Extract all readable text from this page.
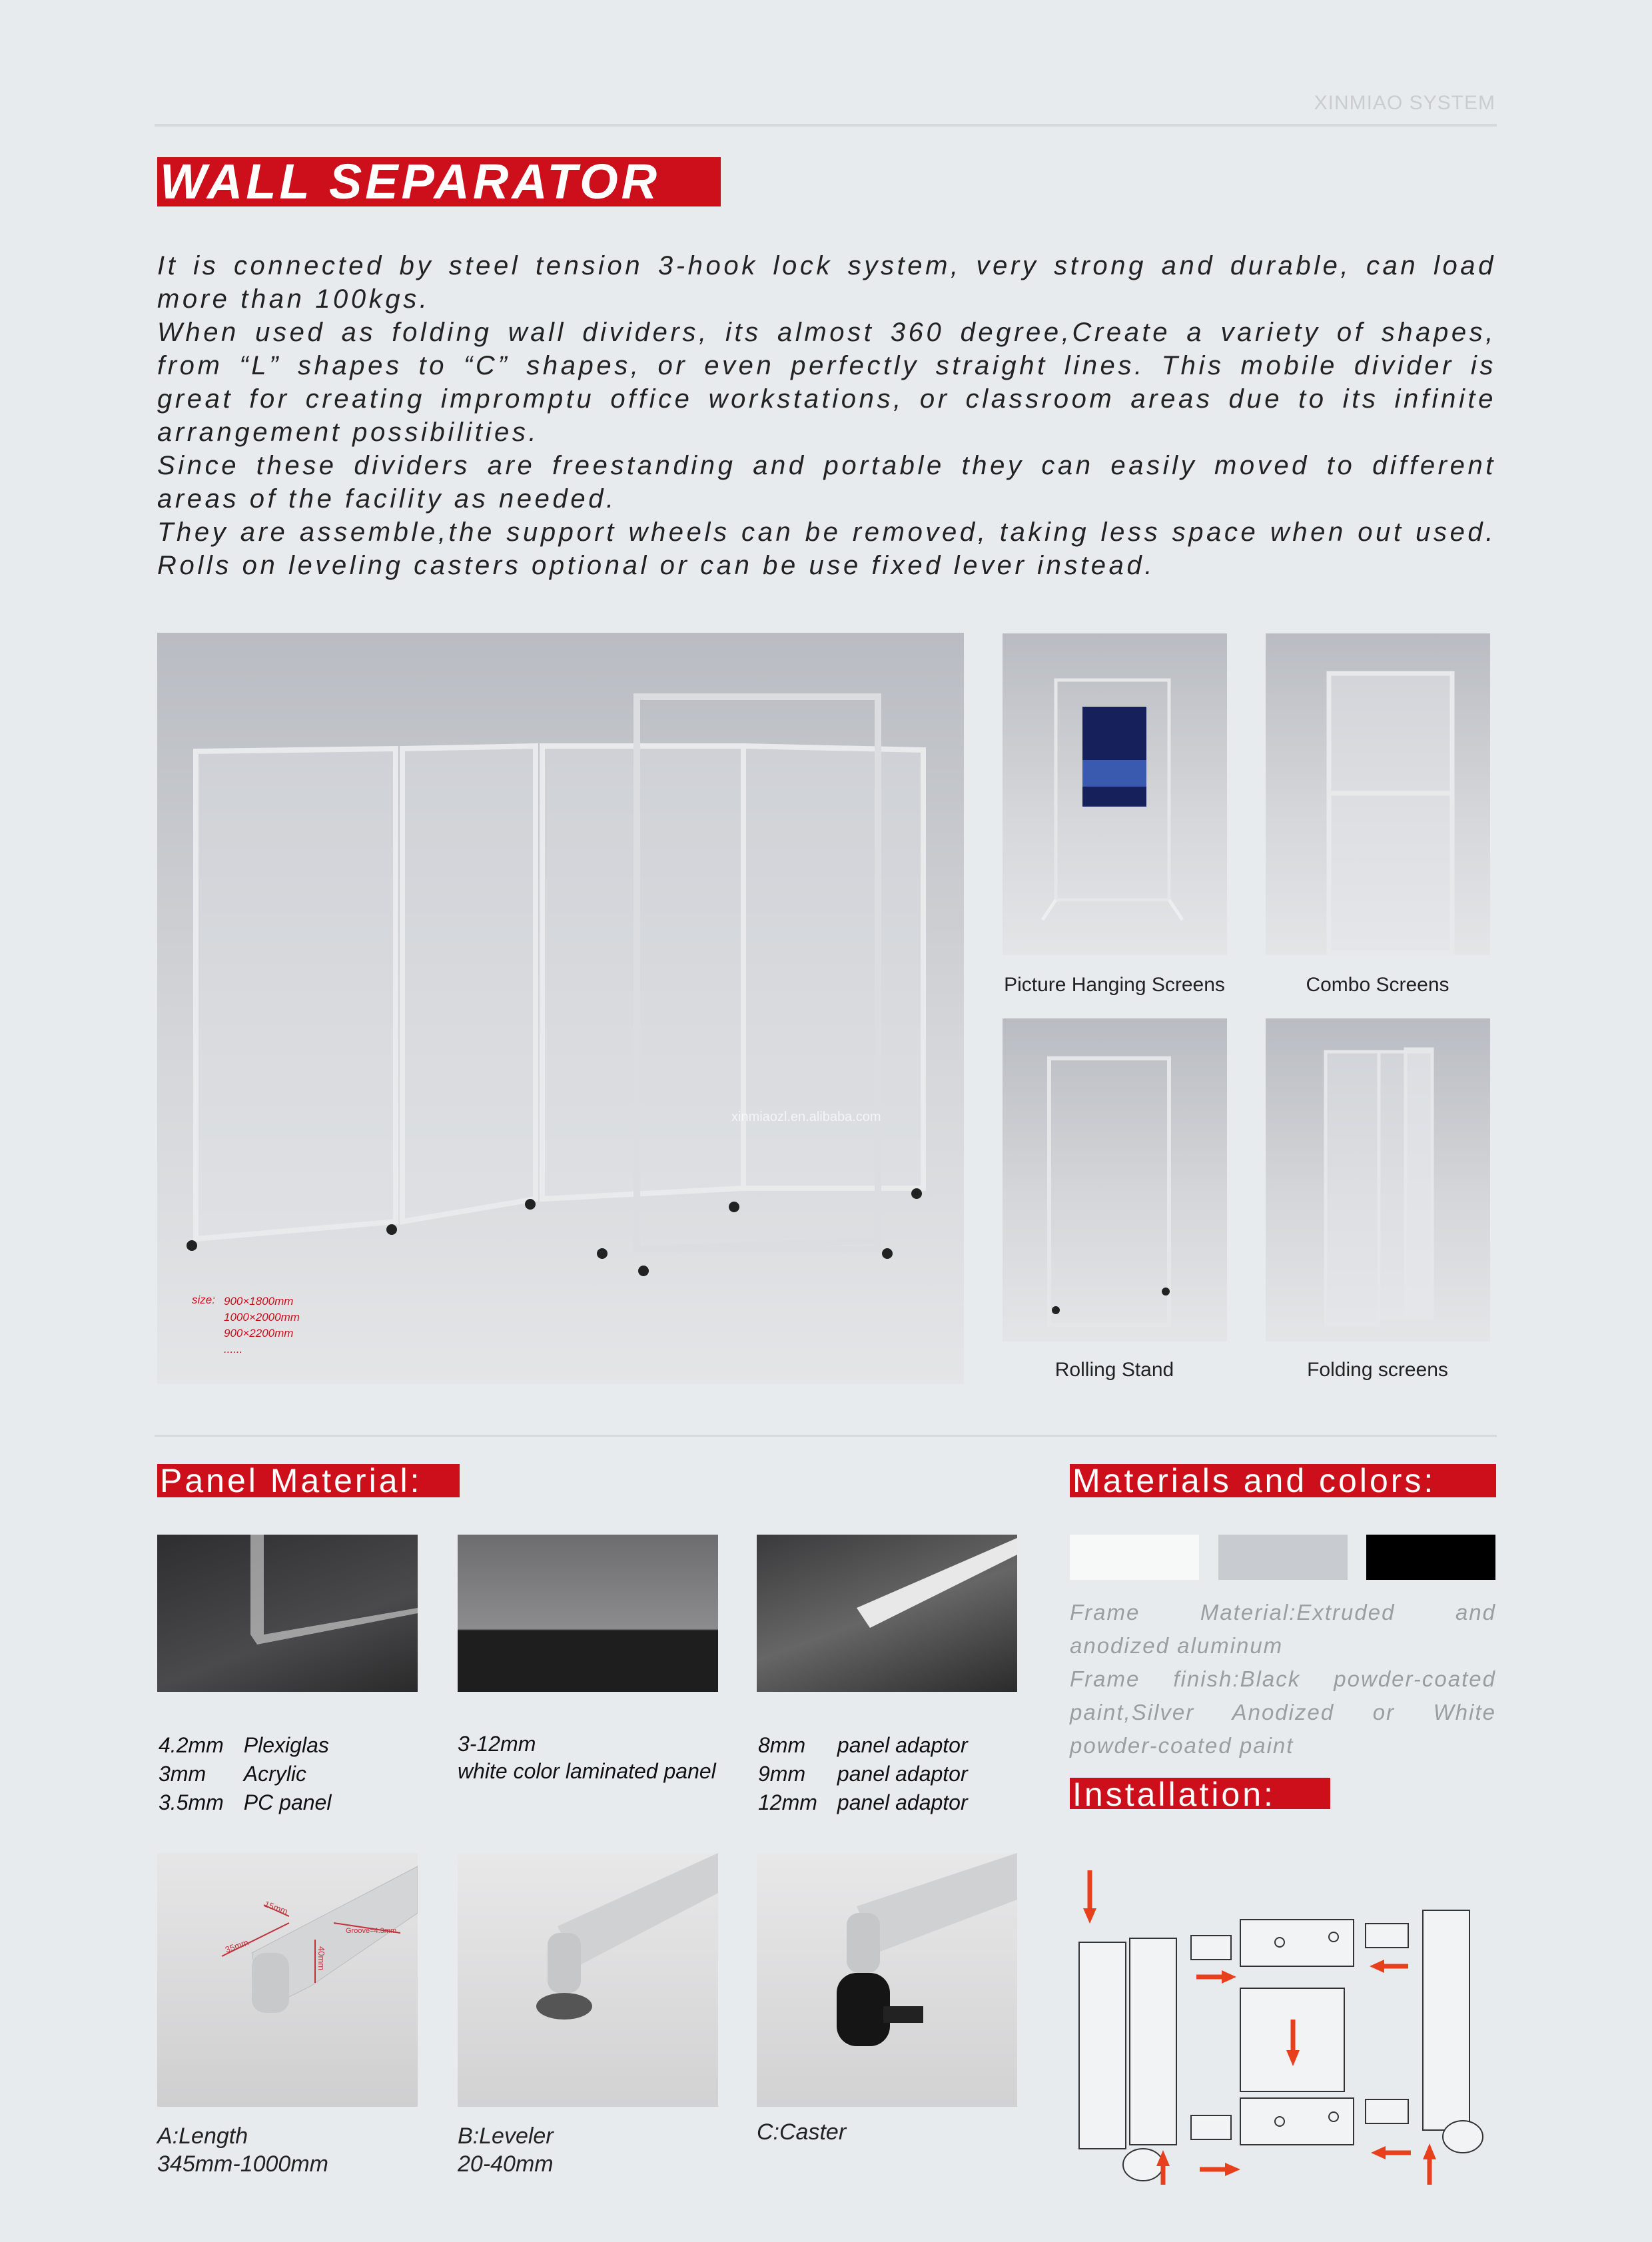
XINMIAO SYSTEM
WALL SEPARATOR

It is connected by steel tension 3-hook lock system, very strong and durable, can load more than 100kgs.

When used as folding wall dividers, its almost 360 degree,Create a variety of shapes, from “L” shapes to “C” shapes, or even perfectly straight lines. This mobile divider is great for creating impromptu office workstations, or classroom areas due to its infinite arrangement possibilities.

Since these dividers are freestanding and portable they can easily moved to different areas of the facility as needed.

They are assemble,the support wheels can be removed, taking less space when out used. Rolls on leveling casters optional or can be use fixed lever instead.

xinmiaozl.en.alibaba.com
size: 900×1800mm
1000×2000mm
900×2200mm
......
Picture Hanging Screens	Combo Screens
Rolling Stand	Folding screens
Panel Material:
4.2mm	Plexiglas
3mm	Acrylic
3.5mm	PC panel
3-12mm
white color laminated panel
8mm	panel adaptor
9mm	panel adaptor
12mm	panel adaptor
35mm
15mm
40mm
Groove=4.3mm
A:Length
345mm-1000mm
B:Leveler
20-40mm
C:Caster
Materials and colors:
Frame Material:Extruded and anodized aluminum
Frame finish:Black powder-coated paint,Silver Anodized or White powder-coated paint
Installation:
